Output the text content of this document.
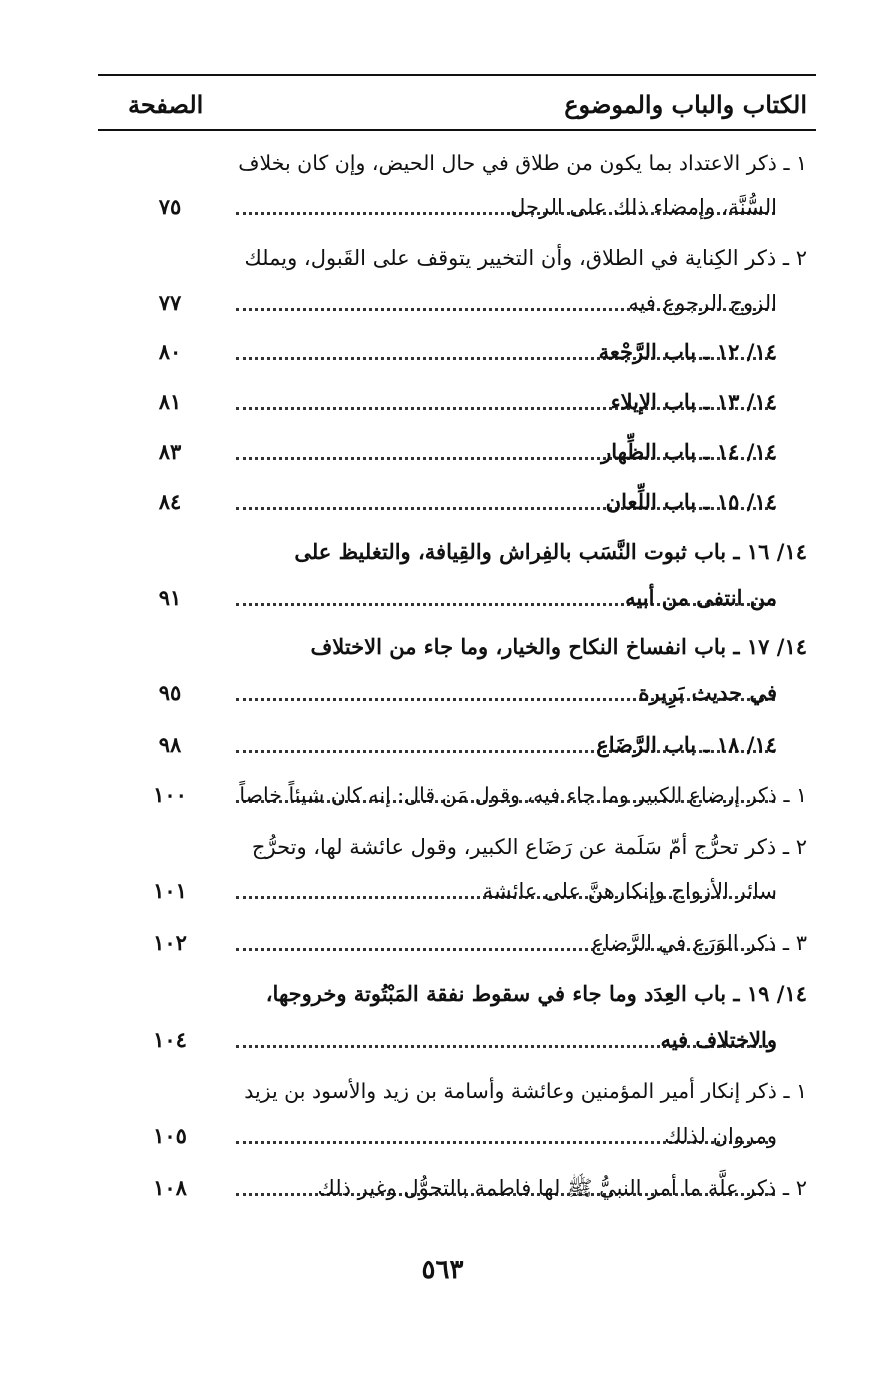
الكتاب والباب والموضوع
الصفحة
١ ـ ذكر الاعتداد بما يكون من طلاق في حال الحيض، وإن كان بخلاف
السُّنَّة، وإمضاء ذلك على الرجل
٧٥
٢ ـ ذكر الكِناية في الطلاق، وأن التخيير يتوقف على القَبول، ويملك
الزوج الرجوع فيه
٧٧
١٤/ ١٢ ـ باب الرَّجْعة
٨٠
١٤/ ١٣ ـ باب الإيلاء
٨١
١٤/ ١٤ ـ باب الظِّهار
٨٣
١٤/ ١٥ ـ باب اللِّعان
٨٤
١٤/ ١٦ ـ باب ثبوت النَّسَب بالفِراش والقِيافة، والتغليظ على
من انتفى من أبيه
٩١
١٤/ ١٧ ـ باب انفساخ النكاح والخيار، وما جاء من الاختلاف
في حديث بَرِيرة
٩٥
١٤/ ١٨ ـ باب الرَّضَاع
٩٨
١ ـ ذكر إرضاع الكبير وما جاء فيه، وقول مَن قال: إنه كان شيئاً خاصاً
١٠٠
٢ ـ ذكر تحرُّج أمّ سَلَمة عن رَضَاع الكبير، وقول عائشة لها، وتحرُّج
سائر الأزواج وإنكارهنَّ على عائشة
١٠١
٣ ـ ذكر الوَرَع في الرَّضاع
١٠٢
١٤/ ١٩ ـ باب العِدَد وما جاء في سقوط نفقة المَبْتُوتة وخروجها،
والاختلاف فيه
١٠٤
١ ـ ذكر إنكار أمير المؤمنين وعائشة وأسامة بن زيد والأسود بن يزيد
ومروان لذلك
١٠٥
٢ ـ ذكر علَّة ما أمر النبيُّ ﷺ لها فاطمة بالتحوُّل وغير ذلك
١٠٨
٥٦٣
